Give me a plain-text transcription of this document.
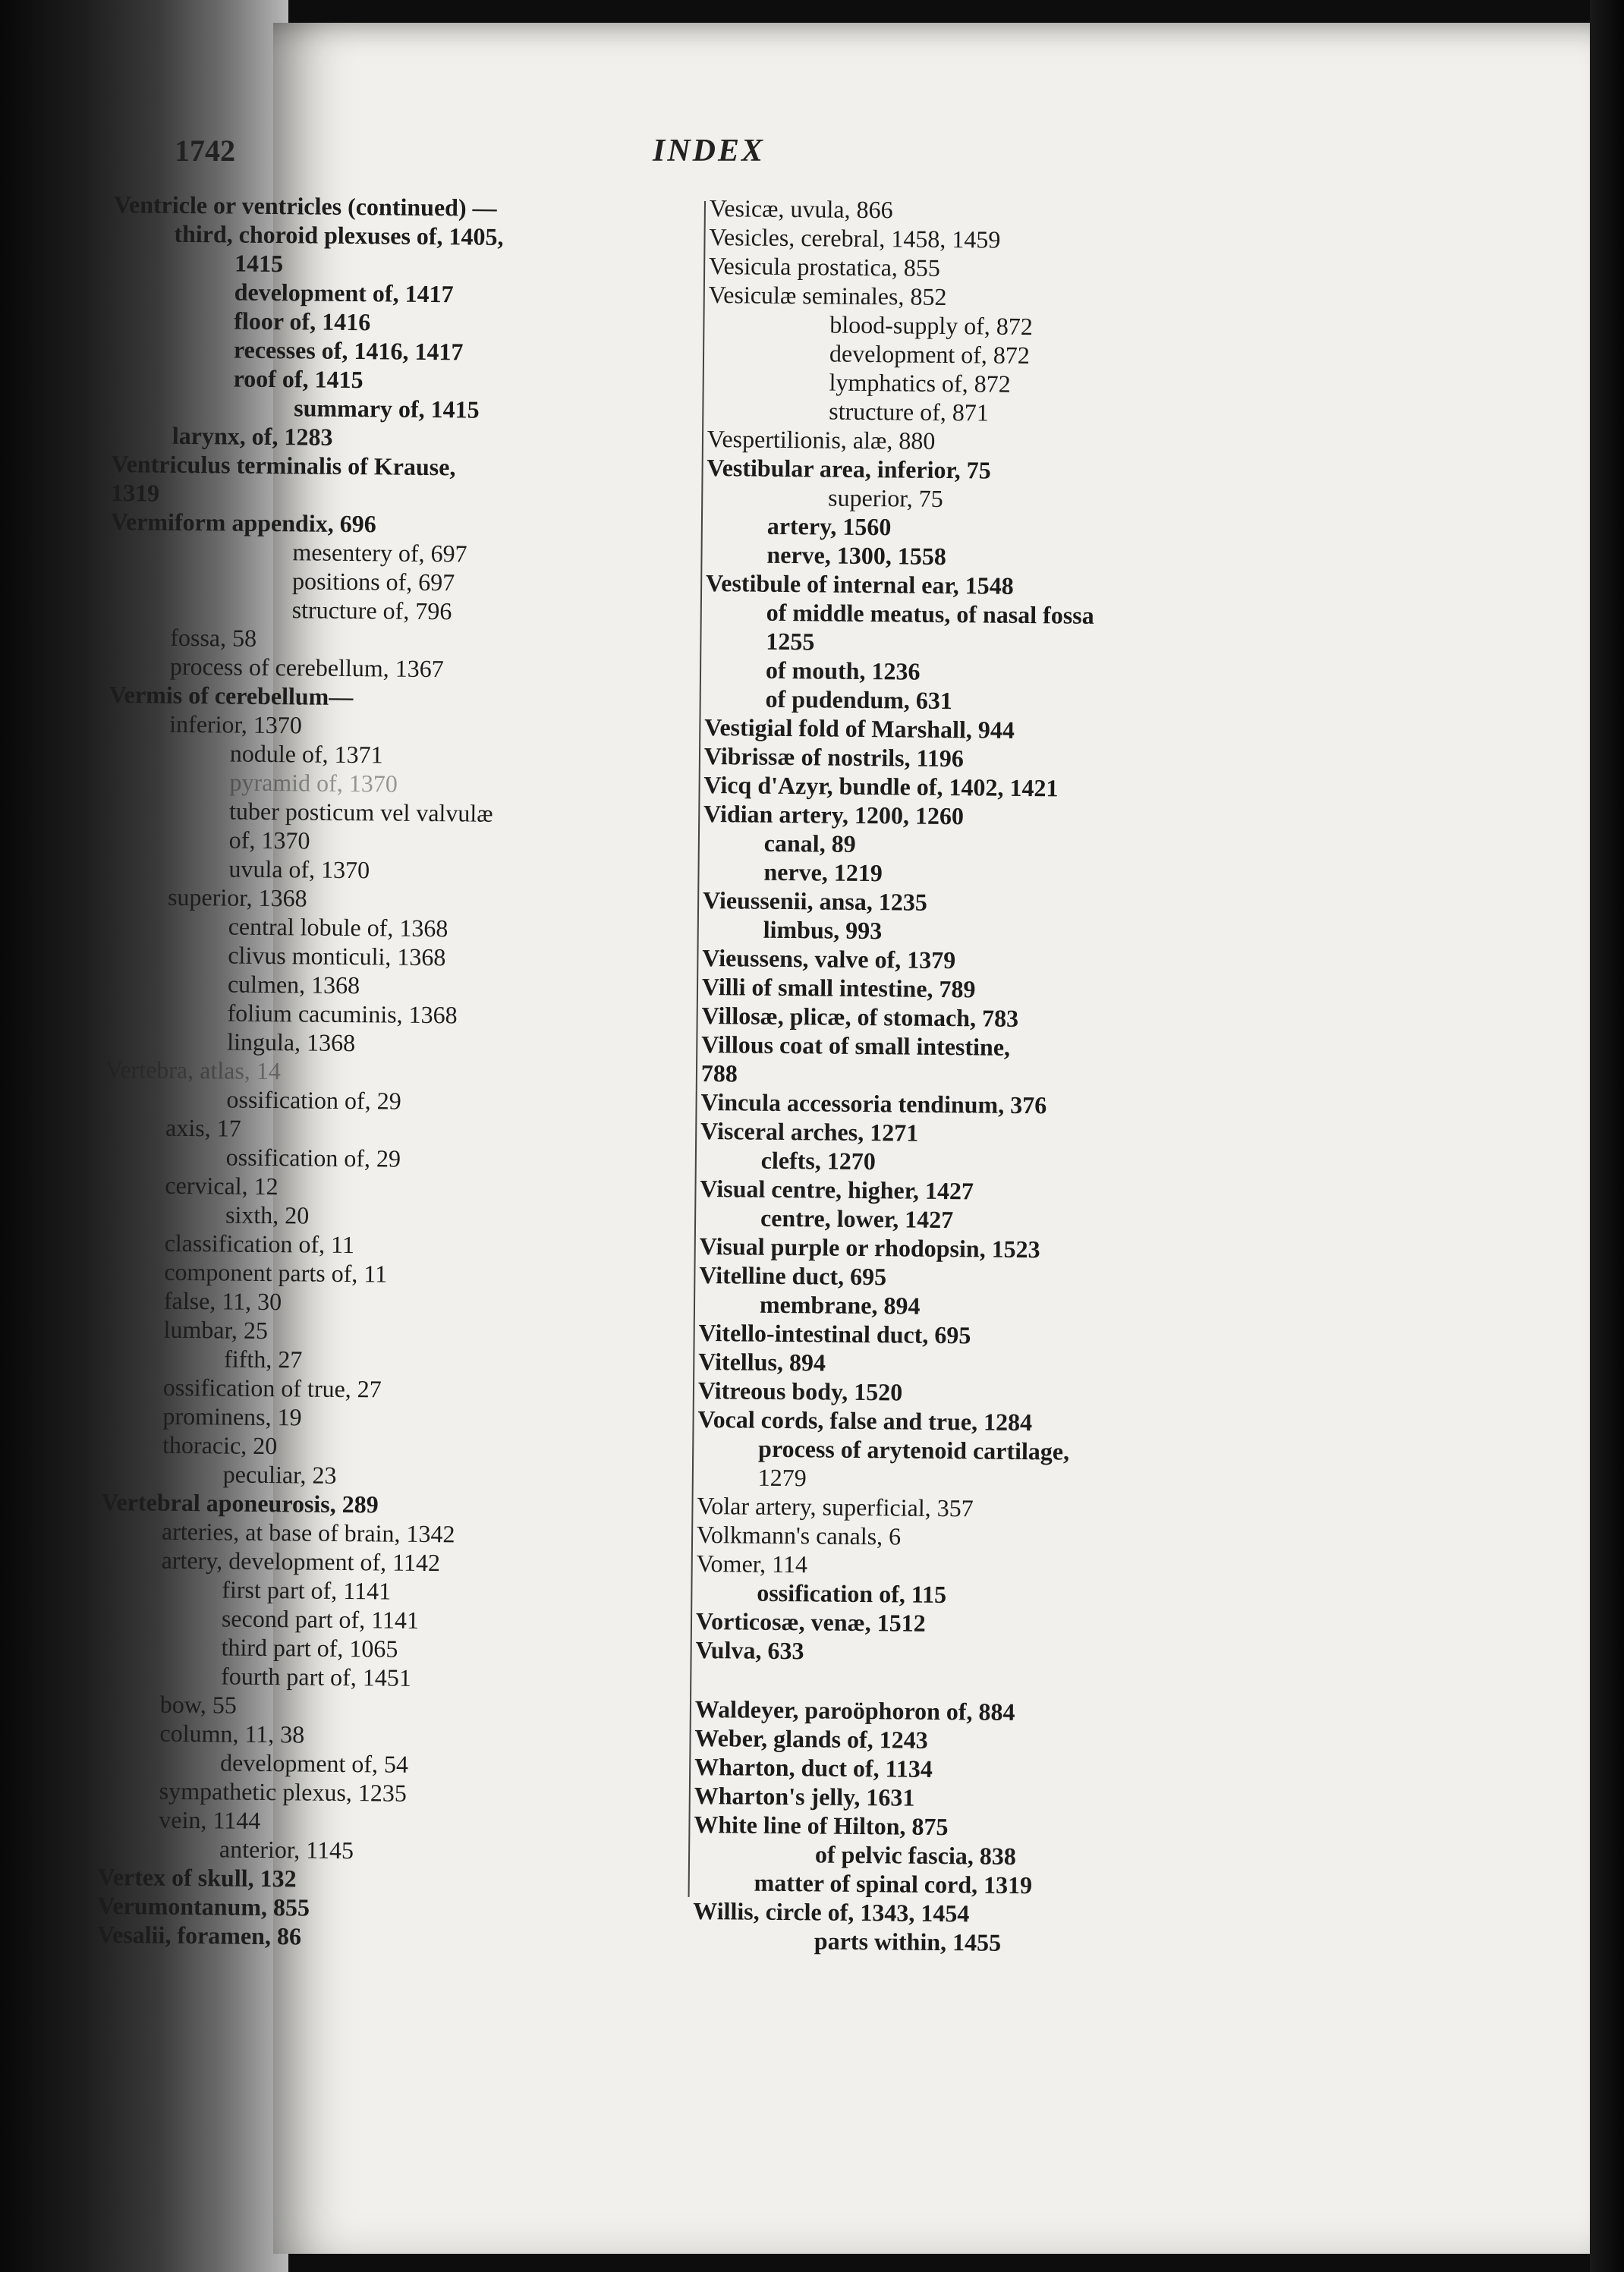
1742	INDEX
Ventricle or ventricles (continued) —
third, choroid plexuses of, 1405,
1415
development of, 1417
floor of, 1416
recesses of, 1416, 1417
roof of, 1415
summary of, 1415
larynx, of, 1283
Ventriculus terminalis of Krause,
1319
Vermiform appendix, 696
mesentery of, 697
positions of, 697
structure of, 796
fossa, 58
process of cerebellum, 1367
Vermis of cerebellum—
inferior, 1370
nodule of, 1371
pyramid of, 1370
tuber posticum vel valvulæ
of, 1370
uvula of, 1370
superior, 1368
central lobule of, 1368
clivus monticuli, 1368
culmen, 1368
folium cacuminis, 1368
lingula, 1368
Vertebra, atlas, 14
ossification of, 29
axis, 17
ossification of, 29
cervical, 12
sixth, 20
classification of, 11
component parts of, 11
false, 11, 30
lumbar, 25
fifth, 27
ossification of true, 27
prominens, 19
thoracic, 20
peculiar, 23
Vertebral aponeurosis, 289
arteries, at base of brain, 1342
artery, development of, 1142
first part of, 1141
second part of, 1141
third part of, 1065
fourth part of, 1451
bow, 55
column, 11, 38
development of, 54
sympathetic plexus, 1235
vein, 1144
anterior, 1145
Vertex of skull, 132
Verumontanum, 855
Vesalii, foramen, 86
Vesicæ, uvula, 866
Vesicles, cerebral, 1458, 1459
Vesicula prostatica, 855
Vesiculæ seminales, 852
blood-supply of, 872
development of, 872
lymphatics of, 872
structure of, 871
Vespertilionis, alæ, 880
Vestibular area, inferior, 75
superior, 75
artery, 1560
nerve, 1300, 1558
Vestibule of internal ear, 1548
of middle meatus, of nasal fossa
1255
of mouth, 1236
of pudendum, 631
Vestigial fold of Marshall, 944
Vibrissæ of nostrils, 1196
Vicq d'Azyr, bundle of, 1402, 1421
Vidian artery, 1200, 1260
canal, 89
nerve, 1219
Vieussenii, ansa, 1235
limbus, 993
Vieussens, valve of, 1379
Villi of small intestine, 789
Villosæ, plicæ, of stomach, 783
Villous coat of small intestine,
788
Vincula accessoria tendinum, 376
Visceral arches, 1271
clefts, 1270
Visual centre, higher, 1427
centre, lower, 1427
Visual purple or rhodopsin, 1523
Vitelline duct, 695
membrane, 894
Vitello-intestinal duct, 695
Vitellus, 894
Vitreous body, 1520
Vocal cords, false and true, 1284
process of arytenoid cartilage,
1279
Volar artery, superficial, 357
Volkmann's canals, 6
Vomer, 114
ossification of, 115
Vorticosæ, venæ, 1512
Vulva, 633
Waldeyer, paroöphoron of, 884
Weber, glands of, 1243
Wharton, duct of, 1134
Wharton's jelly, 1631
White line of Hilton, 875
of pelvic fascia, 838
matter of spinal cord, 1319
Willis, circle of, 1343, 1454
parts within, 1455
